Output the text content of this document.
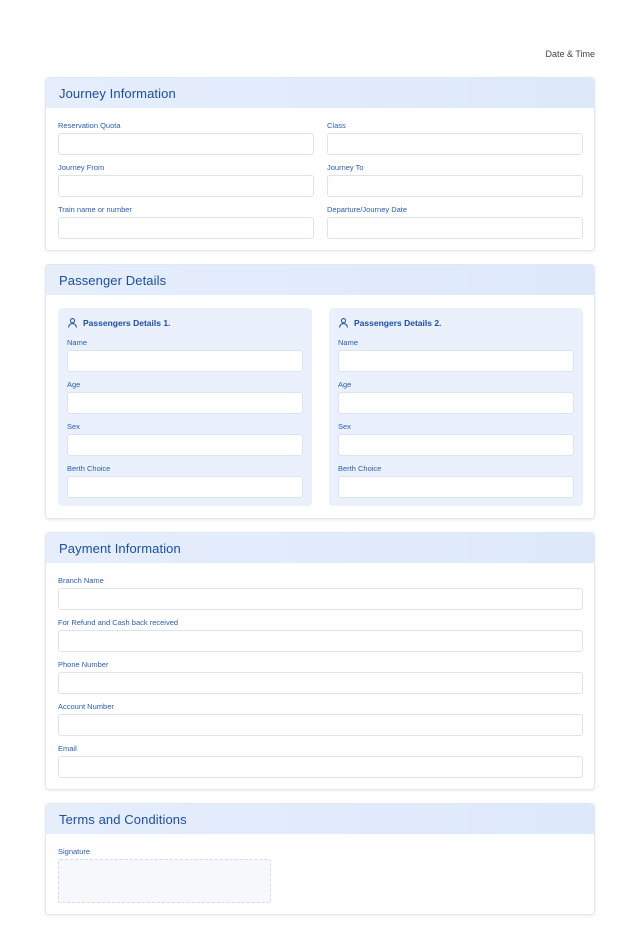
Date & Time
Journey Information
Reservation Quota	Class
Journey From	Journey To
Train name or number	Departure/Journey Date
Passenger Details
Passengers Details 1.
Name
Age
Sex
Berth Choice
Passengers Details 2.
Name
Age
Sex
Berth Choice
Payment Information
Branch Name
For Refund and Cash back received
Phone Number
Account Number
Email
Terms and Conditions
Signature
